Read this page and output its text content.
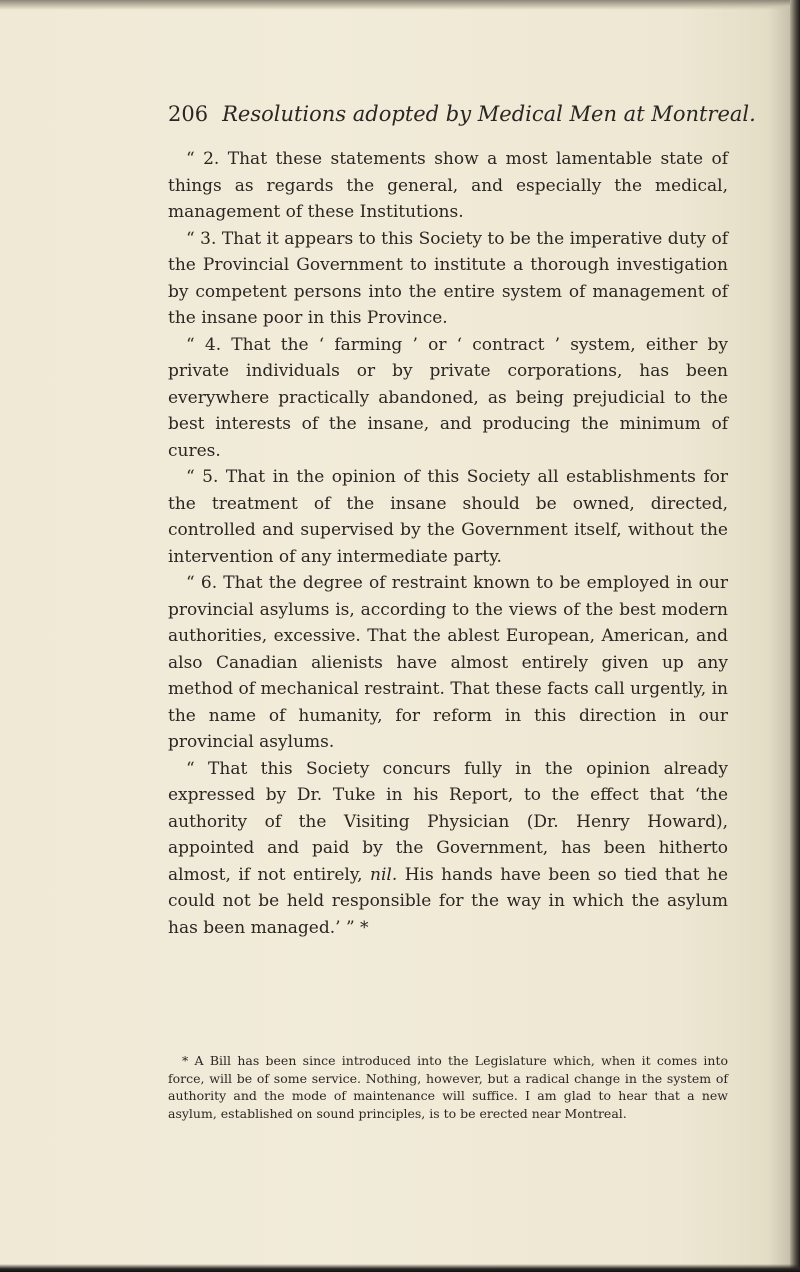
206 Resolutions adopted by Medical Men at Montreal.

“ 2. That these statements show a most lamentable state of things as regards the general, and especially the medical, management of these Institutions.

“ 3. That it appears to this Society to be the imperative duty of the Provincial Government to institute a thorough investigation by competent persons into the entire system of management of the insane poor in this Province.

“ 4. That the ‘ farming ’ or ‘ contract ’ system, either by private individuals or by private corporations, has been everywhere practically abandoned, as being prejudicial to the best interests of the insane, and producing the minimum of cures.

“ 5. That in the opinion of this Society all establishments for the treatment of the insane should be owned, directed, controlled and supervised by the Government itself, without the intervention of any intermediate party.

“ 6. That the degree of restraint known to be employed in our provincial asylums is, according to the views of the best modern authorities, excessive. That the ablest European, American, and also Canadian alienists have almost entirely given up any method of mechanical restraint. That these facts call urgently, in the name of humanity, for reform in this direction in our provincial asylums.

“ That this Society concurs fully in the opinion already expressed by Dr. Tuke in his Report, to the effect that ‘the authority of the Visiting Physician (Dr. Henry Howard), appointed and paid by the Government, has been hitherto almost, if not entirely, nil. His hands have been so tied that he could not be held responsible for the way in which the asylum has been managed.’ ” *

* A Bill has been since introduced into the Legislature which, when it comes into force, will be of some service. Nothing, however, but a radical change in the system of authority and the mode of maintenance will suffice. I am glad to hear that a new asylum, established on sound principles, is to be erected near Montreal.
